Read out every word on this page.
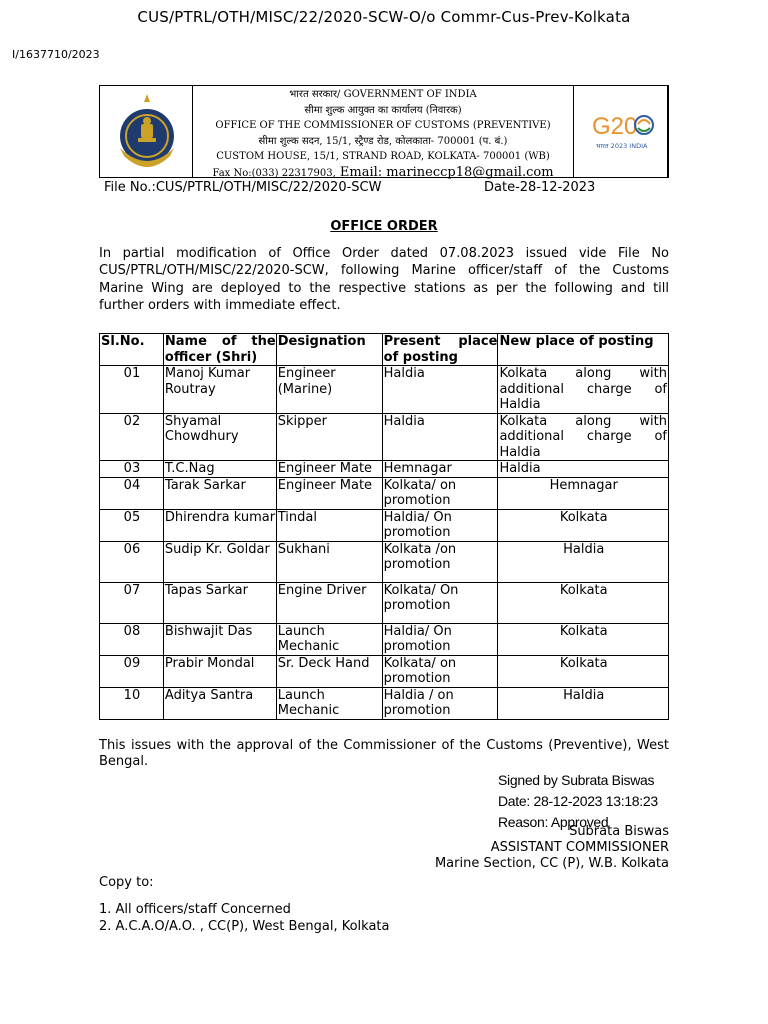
CUS/PTRL/OTH/MISC/22/2020-SCW-O/o Commr-Cus-Prev-Kolkata
I/1637710/2023
भारत सरकार/ GOVERNMENT OF INDIA
सीमा शुल्क आयुक्त का कार्यालय (निवारक)
OFFICE OF THE COMMISSIONER OF CUSTOMS (PREVENTIVE)
सीमा शुल्क सदन, 15/1, स्ट्रैण्ड रोड, कोलकाता- 700001 (प. बं.)
CUSTOM HOUSE, 15/1, STRAND ROAD, KOLKATA- 700001 (WB)
Fax No:(033) 22317903, Email: marineccp18@gmail.com
G20
भारत 2023 INDIA
File No.:CUS/PTRL/OTH/MISC/22/2020-SCW	Date-28-12-2023
OFFICE ORDER
In partial modification of Office Order dated 07.08.2023 issued vide File No CUS/PTRL/OTH/MISC/22/2020-SCW, following Marine officer/staff of the Customs Marine Wing are deployed to the respective stations as per the following and till further orders with immediate effect.
Sl.No.	Name of the officer (Shri)	Designation	Present place of posting	New place of posting
01	Manoj Kumar Routray	Engineer (Marine)	Haldia	Kolkata along with additional charge of Haldia
02	Shyamal Chowdhury	Skipper	Haldia	Kolkata along with additional charge of Haldia
03	T.C.Nag	Engineer Mate	Hemnagar	Haldia
04	Tarak Sarkar	Engineer Mate	Kolkata/ on promotion	Hemnagar
05	Dhirendra kumar	Tindal	Haldia/ On promotion	Kolkata
06	Sudip Kr. Goldar	Sukhani	Kolkata /on promotion	Haldia
07	Tapas Sarkar	Engine Driver	Kolkata/ On promotion	Kolkata
08	Bishwajit Das	Launch Mechanic	Haldia/ On promotion	Kolkata
09	Prabir Mondal	Sr. Deck Hand	Kolkata/ on promotion	Kolkata
10	Aditya Santra	Launch Mechanic	Haldia / on promotion	Haldia
This issues with the approval of the Commissioner of the Customs (Preventive), West Bengal.
Signed by Subrata Biswas
Date: 28-12-2023 13:18:23
Reason: Approved
Subrata Biswas
ASSISTANT COMMISSIONER
Marine Section, CC (P), W.B. Kolkata
Copy to:
1. All officers/staff Concerned
2. A.C.A.O/A.O. , CC(P), West Bengal, Kolkata
